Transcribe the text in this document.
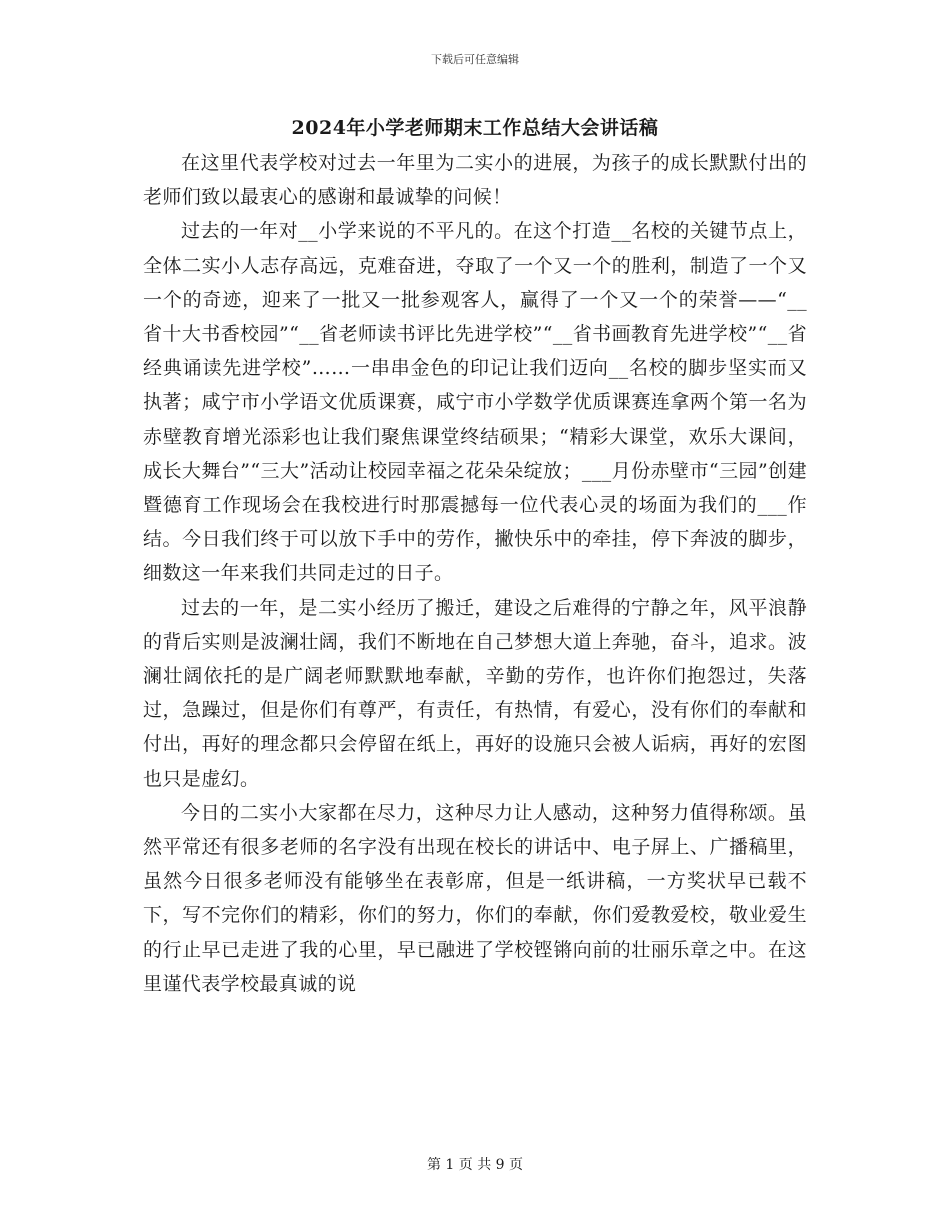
下载后可任意编辑
2024年小学老师期末工作总结大会讲话稿

在这里代表学校对过去一年里为二实小的进展，为孩子的成长默默付出的老师们致以最衷心的感谢和最诚挚的问候！

过去的一年对__小学来说的不平凡的。在这个打造__名校的关键节点上，全体二实小人志存高远，克难奋进，夺取了一个又一个的胜利，制造了一个又一个的奇迹，迎来了一批又一批参观客人，赢得了一个又一个的荣誉——“__省十大书香校园”“__省老师读书评比先进学校”“__省书画教育先进学校”“__省经典诵读先进学校”……一串串金色的印记让我们迈向__名校的脚步坚实而又执著；咸宁市小学语文优质课赛，咸宁市小学数学优质课赛连拿两个第一名为赤壁教育增光添彩也让我们聚焦课堂终结硕果；“精彩大课堂，欢乐大课间，成长大舞台”“三大”活动让校园幸福之花朵朵绽放；___月份赤壁市“三园”创建暨德育工作现场会在我校进行时那震撼每一位代表心灵的场面为我们的___作结。今日我们终于可以放下手中的劳作，撇快乐中的牵挂，停下奔波的脚步，细数这一年来我们共同走过的日子。

过去的一年，是二实小经历了搬迁，建设之后难得的宁静之年，风平浪静的背后实则是波澜壮阔，我们不断地在自己梦想大道上奔驰，奋斗，追求。波澜壮阔依托的是广阔老师默默地奉献，辛勤的劳作，也许你们抱怨过，失落过，急躁过，但是你们有尊严，有责任，有热情，有爱心，没有你们的奉献和付出，再好的理念都只会停留在纸上，再好的设施只会被人诟病，再好的宏图也只是虚幻。

今日的二实小大家都在尽力，这种尽力让人感动，这种努力值得称颂。虽然平常还有很多老师的名字没有出现在校长的讲话中、电子屏上、广播稿里，虽然今日很多老师没有能够坐在表彰席，但是一纸讲稿，一方奖状早已载不下，写不完你们的精彩，你们的努力，你们的奉献，你们爱教爱校，敬业爱生的行止早已走进了我的心里，早已融进了学校铿锵向前的壮丽乐章之中。在这里谨代表学校最真诚的说

第 1 页 共 9 页
